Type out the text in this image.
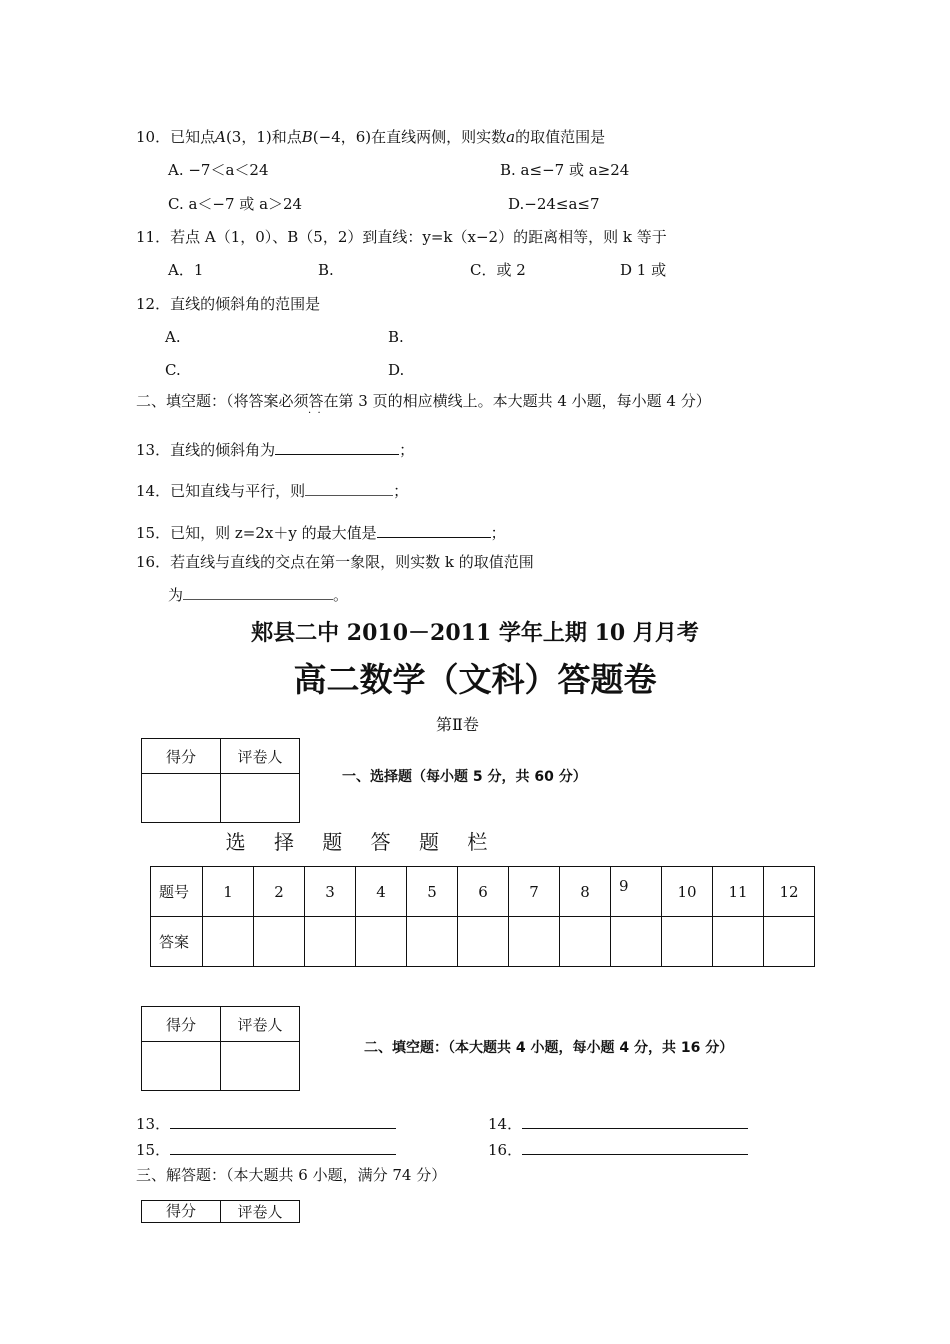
10．已知点A(3，1)和点B(−4，6)在直线两侧，则实数a的取值范围是
A. −7＜a＜24	B. a≤−7 或 a≥24
C. a＜−7 或 a＞24	D.−24≤a≤7
11．若点 A（1，0）、B（5，2）到直线：y=k（x−2）的距离相等，则 k 等于
A．1	B.	C．或 2	D 1 或
12．直线的倾斜角的范围是
A.	B.
C.	D.
二、填空题：（将答案必须答在第 3 页的相应横线上。本大题共 4 小题，每小题 4 分）
·  ·
13．直线的倾斜角为	；
14．已知直线与平行，则	；
15．已知，则 z=2x＋y 的最大值是	；
16．若直线与直线的交点在第一象限，则实数 k 的取值范围
为	。
郏县二中 2010－2011 学年上期 10 月月考
高二数学（文科）答题卷
第Ⅱ卷
得分	评卷人

一、选择题（每小题 5 分，共 60 分）
选 择 题 答 题 栏
题号	1	2	3	4	5	6	7	8	9	10	11	12
答案												
得分	评卷人

二、填空题：（本大题共 4 小题，每小题 4 分，共 16 分）
13．	14．
15．	16．
三、解答题：（本大题共 6 小题，满分 74 分）
得分	评卷人
